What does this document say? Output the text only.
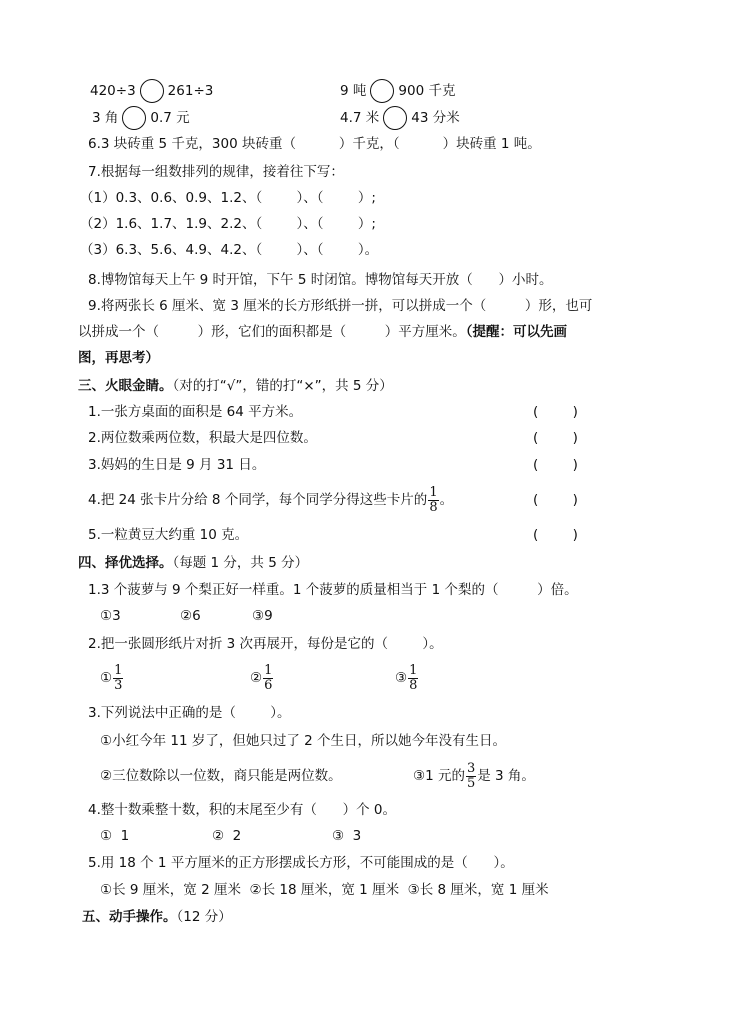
420÷3 261÷3	9 吨 900 千克
3 角 0.7 元	4.7 米 43 分米
6.3 块砖重 5 千克，300 块砖重（          ）千克，（          ）块砖重 1 吨。
7.根据每一组数排列的规律，接着往下写：
（1）0.3、0.6、0.9、1.2、（        ）、（        ）;
（2）1.6、1.7、1.9、2.2、（        ）、（        ）;
（3）6.3、5.6、4.9、4.2、（        ）、（        ）。
8.博物馆每天上午 9 时开馆，下午 5 时闭馆。博物馆每天开放（      ）小时。
9.将两张长 6 厘米、宽 3 厘米的长方形纸拼一拼，可以拼成一个（         ）形，也可
以拼成一个（         ）形，它们的面积都是（         ）平方厘米。（提醒：可以先画
图，再思考）
三、火眼金睛。（对的打“√”，错的打“×”，共 5 分）
1.一张方桌面的面积是 64 平方米。	(        )
2.两位数乘两位数，积最大是四位数。	(        )
3.妈妈的生日是 9 月 31 日。	(        )
4.把 24 张卡片分给 8 个同学，每个同学分得这些卡片的 $\frac{1}{8}$ 。	(        )
5.一粒黄豆大约重 10 克。	(        )
四、择优选择。（每题 1 分，共 5 分）
1.3 个菠萝与 9 个梨正好一样重。1 个菠萝的质量相当于 1 个梨的（         ）倍。
①3	②6	③9
2.把一张圆形纸片对折 3 次再展开，每份是它的（        ）。
① $\frac{1}{3}$	② $\frac{1}{6}$	③ $\frac{1}{8}$
3.下列说法中正确的是（        ）。
①小红今年 11 岁了，但她只过了 2 个生日，所以她今年没有生日。
②三位数除以一位数，商只能是两位数。	③1 元的 $\frac{3}{5}$ 是 3 角。
4.整十数乘整十数，积的末尾至少有（      ）个 0。
①  1	②  2	③  3
5.用 18 个 1 平方厘米的正方形摆成长方形，不可能围成的是（      ）。
①长 9 厘米，宽 2 厘米  ②长 18 厘米，宽 1 厘米  ③长 8 厘米，宽 1 厘米
五、动手操作。（12 分）
